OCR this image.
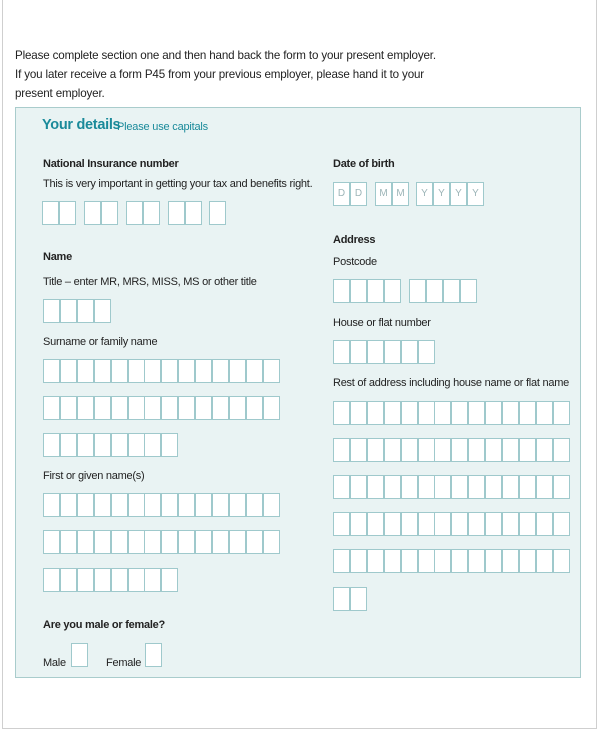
Please complete section one and then hand back the form to your present employer.
If you later receive a form P45 from your previous employer, please hand it to your
present employer.
Your details
Please use capitals
National Insurance number
This is very important in getting your tax and benefits right.
Name
Title – enter MR, MRS, MISS, MS or other title
Surname or family name
First or given name(s)
Are you male or female?
Male	Female
Date of birth
Address
Postcode
House or flat number
Rest of address including house name or flat name
D D	M M	Y	Y	Y	Y
